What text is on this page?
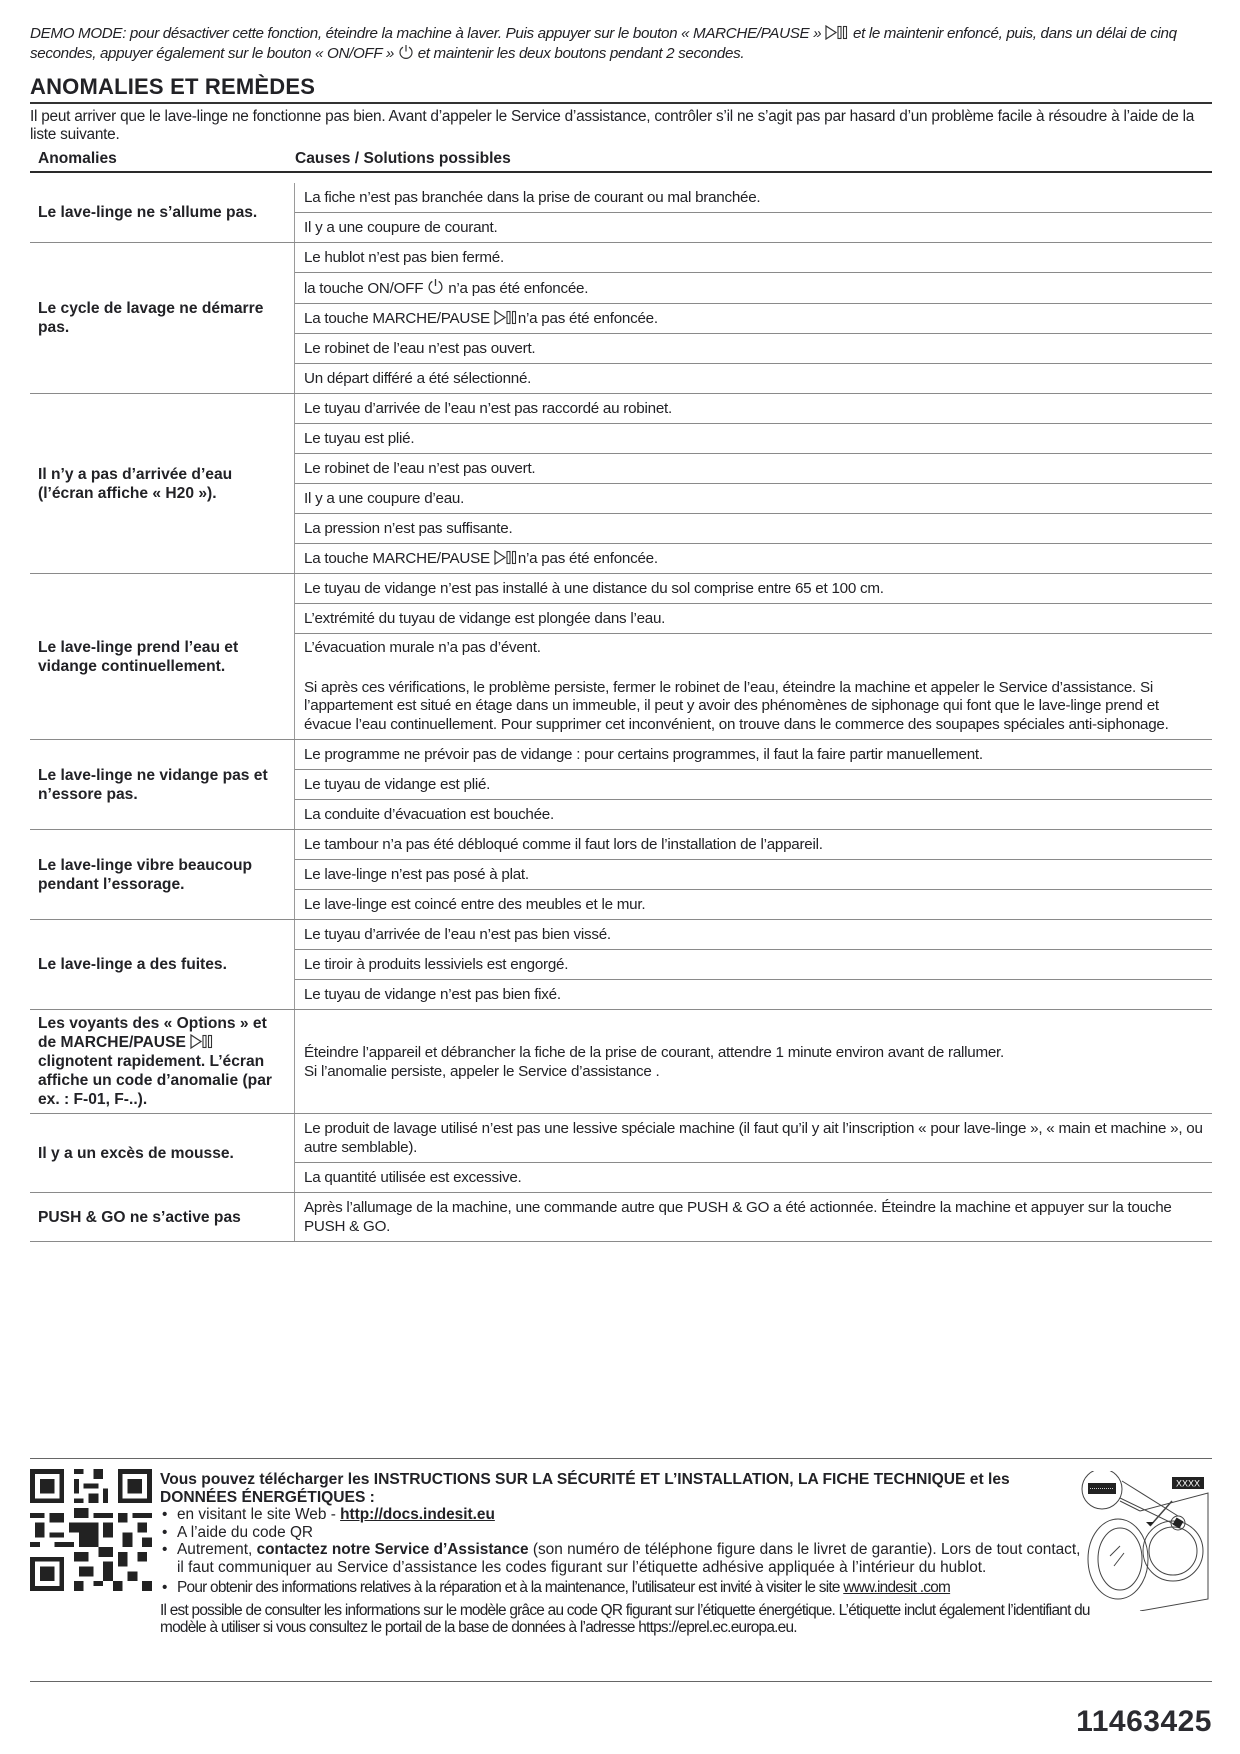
DEMO MODE: pour désactiver cette fonction, éteindre la machine à laver. Puis appuyer sur le bouton « MARCHE/PAUSE »  et le maintenir enfoncé, puis, dans un délai de cinq secondes, appuyer également sur le bouton « ON/OFF »  et maintenir les deux boutons pendant 2 secondes.

ANOMALIES ET REMÈDES
Il peut arriver que le lave-linge ne fonctionne pas bien. Avant d’appeler le Service d’assistance, contrôler s’il ne s’agit pas par hasard d’un problème facile à résoudre à l’aide de la liste suivante.
Anomalies	Causes / Solutions possibles
Le lave-linge ne s’allume pas.
La fiche n’est pas branchée dans la prise de courant ou mal branchée.
Il y a une coupure de courant.
Le cycle de lavage ne démarre pas.
Le hublot n’est pas bien fermé.
la touche ON/OFF n’a pas été enfoncée.
La touche MARCHE/PAUSE n’a pas été enfoncée.
Le robinet de l’eau n’est pas ouvert.
Un départ différé a été sélectionné.
Il n’y a pas d’arrivée d’eau (l’écran affiche « H20 »).
Le tuyau d’arrivée de l’eau n’est pas raccordé au robinet.
Le tuyau est plié.
Le robinet de l’eau n’est pas ouvert.
Il y a une coupure d’eau.
La pression n’est pas suffisante.
La touche MARCHE/PAUSE n’a pas été enfoncée.
Le lave-linge prend l’eau et vidange continuellement.
Le tuyau de vidange n’est pas installé à une distance du sol comprise entre 65 et 100 cm.
L’extrémité du tuyau de vidange est plongée dans l’eau.
L’évacuation murale n’a pas d’évent.
Si après ces vérifications, le problème persiste, fermer le robinet de l’eau, éteindre la machine et appeler le Service d’assistance. Si l’appartement est situé en étage dans un immeuble, il peut y avoir des phénomènes de siphonage qui font que le lave-linge prend et évacue l’eau continuellement. Pour supprimer cet inconvénient, on trouve dans le commerce des soupapes spéciales anti-siphonage.
Le lave-linge ne vidange pas et n’essore pas.
Le programme ne prévoir pas de vidange : pour certains programmes, il faut la faire partir manuellement.
Le tuyau de vidange est plié.
La conduite d’évacuation est bouchée.
Le lave-linge vibre beaucoup pendant l’essorage.
Le tambour n’a pas été débloqué comme il faut lors de l’installation de l’appareil.
Le lave-linge n’est pas posé à plat.
Le lave-linge est coincé entre des meubles et le mur.
Le lave-linge a des fuites.
Le tuyau d’arrivée de l’eau n’est pas bien vissé.
Le tiroir à produits lessiviels est engorgé.
Le tuyau de vidange n’est pas bien fixé.
Les voyants des « Options » et de MARCHE/PAUSE  clignotent rapidement. L’écran affiche un code d’anomalie (par ex. : F-01, F-..).
Éteindre l’appareil et débrancher la fiche de la prise de courant, attendre 1 minute environ avant de rallumer.
Si l’anomalie persiste, appeler le Service d’assistance .
Il y a un excès de mousse.
Le produit de lavage utilisé n’est pas une lessive spéciale machine (il faut qu’il y ait l’inscription « pour lave-linge », « main et machine », ou autre semblable).
La quantité utilisée est excessive.
PUSH & GO ne s’active pas
Après l’allumage de la machine, une commande autre que PUSH & GO a été actionnée. Éteindre la machine et appuyer sur la touche PUSH & GO.
Vous pouvez télécharger les INSTRUCTIONS SUR LA SÉCURITÉ ET L’INSTALLATION, LA FICHE TECHNIQUE et les DONNÉES ÉNERGÉTIQUES :
• en visitant le site Web - http://docs.indesit.eu
• A l’aide du code QR
• Autrement, contactez notre Service d’Assistance (son numéro de téléphone figure dans le livret de garantie). Lors de tout contact, il faut communiquer au Service d’assistance les codes figurant sur l’étiquette adhésive appliquée à l’intérieur du hublot.
• Pour obtenir des informations relatives à la réparation et à la maintenance, l’utilisateur est invité à visiter le site www.indesit .com
Il est possible de consulter les informations sur le modèle grâce au code QR figurant sur l’étiquette énergétique. L’étiquette inclut également l’identifiant du modèle à utiliser si vous consultez le portail de la base de données à l’adresse https://eprel.ec.europa.eu.
XXXX
11463425
